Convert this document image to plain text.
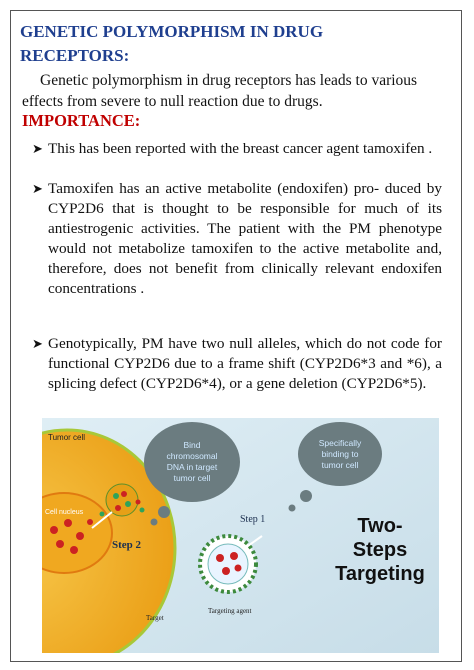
GENETIC POLYMORPHISM IN DRUG
RECEPTORS:
Genetic polymorphism in drug receptors has leads to various
effects from severe to null reaction due to drugs.
IMPORTANCE:
➤ This has been reported with the breast cancer agent tamoxifen .
➤ Tamoxifen has an active metabolite (endoxifen) pro- duced by CYP2D6 that is thought to be responsible for much of its antiestrogenic activities. The patient with the PM phenotype would not metabolize tamoxifen to the active metabolite and, therefore, does not benefit from clinically relevant endoxifen concentrations .
➤ Genotypically, PM have two null alleles, which do not code for functional CYP2D6 due to a frame shift (CYP2D6*3 and *6), a splicing defect (CYP2D6*4), or a gene deletion (CYP2D6*5).
Tumor cell
Cell nucleus
Step 2
Step 1
Targeting agent
Target
Bind
chromosomal
DNA in target
tumor cell
Specifically
binding to
tumor cell
Two-
Steps
Targeting
